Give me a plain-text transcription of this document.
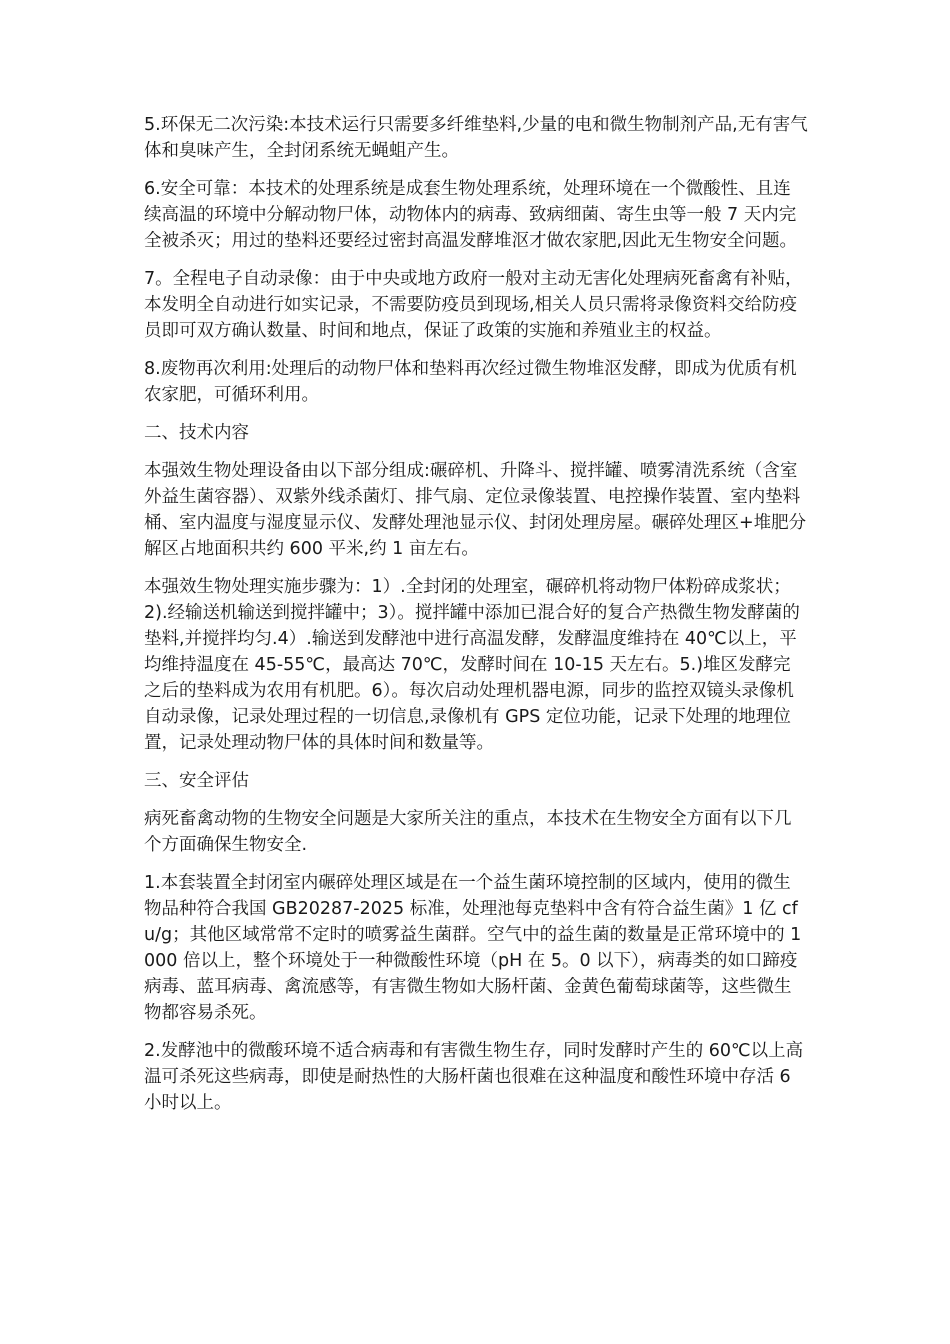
5.环保无二次污染:本技术运行只需要多纤维垫料,少量的电和微生物制剂产品,无有害气体和臭味产生，全封闭系统无蝇蛆产生。

6.安全可靠：本技术的处理系统是成套生物处理系统，处理环境在一个微酸性、且连续高温的环境中分解动物尸体，动物体内的病毒、致病细菌、寄生虫等一般 7 天内完全被杀灭；用过的垫料还要经过密封高温发酵堆沤才做农家肥,因此无生物安全问题。

7。全程电子自动录像：由于中央或地方政府一般对主动无害化处理病死畜禽有补贴，本发明全自动进行如实记录，不需要防疫员到现场,相关人员只需将录像资料交给防疫员即可双方确认数量、时间和地点，保证了政策的实施和养殖业主的权益。

8.废物再次利用:处理后的动物尸体和垫料再次经过微生物堆沤发酵，即成为优质有机农家肥，可循环利用。

二、技术内容

本强效生物处理设备由以下部分组成:碾碎机、升降斗、搅拌罐、喷雾清洗系统（含室外益生菌容器）、双紫外线杀菌灯、排气扇、定位录像装置、电控操作装置、室内垫料桶、室内温度与湿度显示仪、发酵处理池显示仪、封闭处理房屋。碾碎处理区+堆肥分解区占地面积共约 600 平米,约 1 亩左右。

本强效生物处理实施步骤为：1）.全封闭的处理室，碾碎机将动物尸体粉碎成浆状；2).经输送机输送到搅拌罐中；3）。搅拌罐中添加已混合好的复合产热微生物发酵菌的垫料,并搅拌均匀.4）.输送到发酵池中进行高温发酵，发酵温度维持在 40℃以上，平均维持温度在 45-55℃，最高达 70℃，发酵时间在 10-15 天左右。5.)堆区发酵完之后的垫料成为农用有机肥。6）。每次启动处理机器电源，同步的监控双镜头录像机自动录像，记录处理过程的一切信息,录像机有 GPS 定位功能，记录下处理的地理位置，记录处理动物尸体的具体时间和数量等。

三、安全评估

病死畜禽动物的生物安全问题是大家所关注的重点，本技术在生物安全方面有以下几个方面确保生物安全.

1.本套装置全封闭室内碾碎处理区域是在一个益生菌环境控制的区域内，使用的微生物品种符合我国 GB20287-2025 标准，处理池每克垫料中含有符合益生菌》1 亿 cfu/g；其他区域常常不定时的喷雾益生菌群。空气中的益生菌的数量是正常环境中的 1000 倍以上，整个环境处于一种微酸性环境（pH 在 5。0 以下），病毒类的如口蹄疫病毒、蓝耳病毒、禽流感等，有害微生物如大肠杆菌、金黄色葡萄球菌等，这些微生物都容易杀死。

2.发酵池中的微酸环境不适合病毒和有害微生物生存，同时发酵时产生的 60℃以上高温可杀死这些病毒，即使是耐热性的大肠杆菌也很难在这种温度和酸性环境中存活 6 小时以上。
